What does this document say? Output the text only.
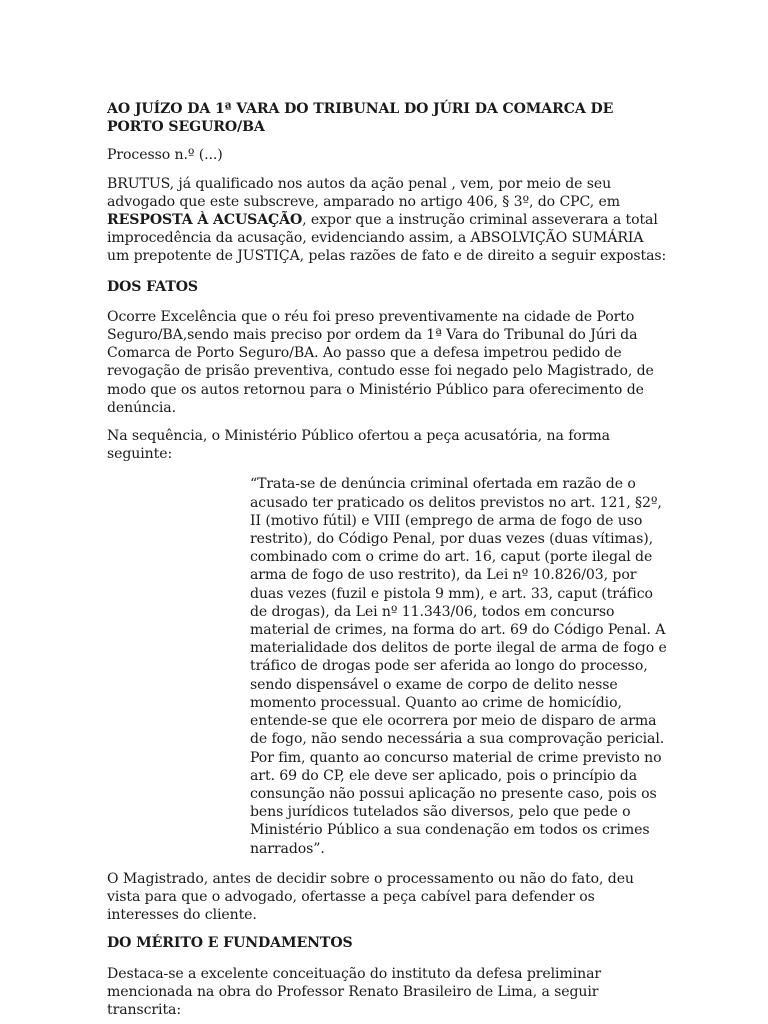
AO JUÍZO DA 1ª VARA DO TRIBUNAL DO JÚRI DA COMARCA DE PORTO SEGURO/BA

Processo n.º (...)

BRUTUS, já qualificado nos autos da ação penal , vem, por meio de seu advogado que este subscreve, amparado no artigo 406, § 3º, do CPC, em RESPOSTA À ACUSAÇÃO, expor que a instrução criminal asseverara a total improcedência da acusação, evidenciando assim, a ABSOLVIÇÃO SUMÁRIA um prepotente de JUSTIÇA, pelas razões de fato e de direito a seguir expostas:

DOS FATOS

Ocorre Excelência que o réu foi preso preventivamente na cidade de Porto Seguro/BA,sendo mais preciso por ordem da 1ª Vara do Tribunal do Júri da Comarca de Porto Seguro/BA. Ao passo que a defesa impetrou pedido de revogação de prisão preventiva, contudo esse foi negado pelo Magistrado, de modo que os autos retornou para o Ministério Público para oferecimento de denúncia.

Na sequência, o Ministério Público ofertou a peça acusatória, na forma seguinte:

“Trata-se de denúncia criminal ofertada em razão de o acusado ter praticado os delitos previstos no art. 121, §2º, II (motivo fútil) e VIII (emprego de arma de fogo de uso restrito), do Código Penal, por duas vezes (duas vítimas), combinado com o crime do art. 16, caput (porte ilegal de arma de fogo de uso restrito), da Lei nº 10.826/03, por duas vezes (fuzil e pistola 9 mm), e art. 33, caput (tráfico de drogas), da Lei nº 11.343/06, todos em concurso material de crimes, na forma do art. 69 do Código Penal. A materialidade dos delitos de porte ilegal de arma de fogo e tráfico de drogas pode ser aferida ao longo do processo, sendo dispensável o exame de corpo de delito nesse momento processual. Quanto ao crime de homicídio, entende-se que ele ocorrera por meio de disparo de arma de fogo, não sendo necessária a sua comprovação pericial. Por fim, quanto ao concurso material de crime previsto no art. 69 do CP, ele deve ser aplicado, pois o princípio da consunção não possui aplicação no presente caso, pois os bens jurídicos tutelados são diversos, pelo que pede o Ministério Público a sua condenação em todos os crimes narrados”.

O Magistrado, antes de decidir sobre o processamento ou não do fato, deu vista para que o advogado, ofertasse a peça cabível para defender os interesses do cliente.

DO MÉRITO E FUNDAMENTOS

Destaca-se a excelente conceituação do instituto da defesa preliminar mencionada na obra do Professor Renato Brasileiro de Lima, a seguir transcrita:
